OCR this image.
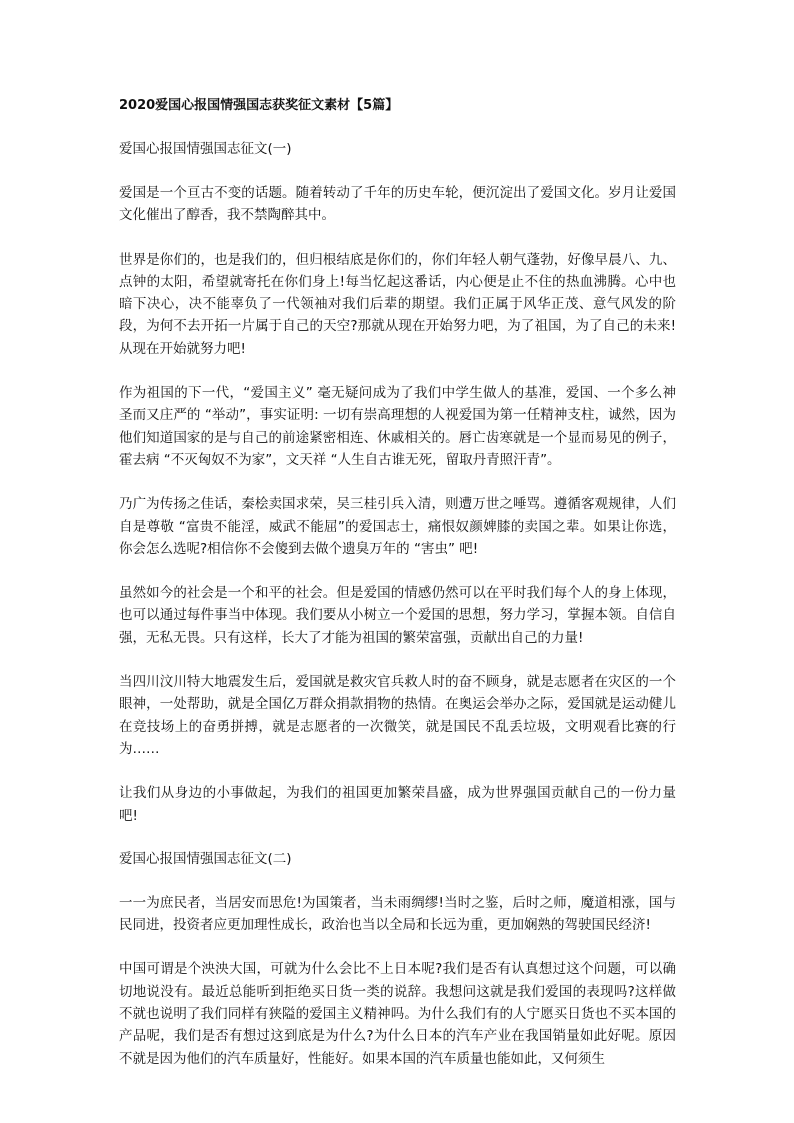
2020爱国心报国情强国志获奖征文素材【5篇】
爱国心报国情强国志征文(一)

爱国是一个亘古不变的话题。随着转动了千年的历史车轮，便沉淀出了爱国文化。岁月让爱国文化催出了醇香，我不禁陶醉其中。

世界是你们的，也是我们的，但归根结底是你们的，你们年轻人朝气蓬勃，好像早晨八、九、点钟的太阳，希望就寄托在你们身上!每当忆起这番话，内心便是止不住的热血沸腾。心中也暗下决心，决不能辜负了一代领袖对我们后辈的期望。我们正属于风华正茂、意气风发的阶段，为何不去开拓一片属于自己的天空?那就从现在开始努力吧，为了祖国，为了自己的未来!从现在开始就努力吧!

作为祖国的下一代，“爱国主义” 毫无疑问成为了我们中学生做人的基准，爱国、一个多么神圣而又庄严的 “举动”，事实证明: 一切有崇高理想的人视爱国为第一任精神支柱，诚然，因为他们知道国家的是与自己的前途紧密相连、休戚相关的。唇亡齿寒就是一个显而易见的例子，霍去病 “不灭匈奴不为家”，文天祥 “人生自古谁无死，留取丹青照汗青”。

乃广为传扬之佳话，秦桧卖国求荣，吴三桂引兵入清，则遭万世之唾骂。遵循客观规律，人们自是尊敬 “富贵不能淫，威武不能屈”的爱国志士，痛恨奴颜婢膝的卖国之辈。如果让你选，你会怎么选呢?相信你不会傻到去做个遗臭万年的 “害虫” 吧!

虽然如今的社会是一个和平的社会。但是爱国的情感仍然可以在平时我们每个人的身上体现，也可以通过每件事当中体现。我们要从小树立一个爱国的思想，努力学习，掌握本领。自信自强，无私无畏。只有这样，长大了才能为祖国的繁荣富强，贡献出自己的力量!

当四川汶川特大地震发生后，爱国就是救灾官兵救人时的奋不顾身，就是志愿者在灾区的一个眼神，一处帮助，就是全国亿万群众捐款捐物的热情。在奥运会举办之际，爱国就是运动健儿在竞技场上的奋勇拼搏，就是志愿者的一次微笑，就是国民不乱丢垃圾，文明观看比赛的行为……

让我们从身边的小事做起，为我们的祖国更加繁荣昌盛，成为世界强国贡献自己的一份力量吧!

爱国心报国情强国志征文(二)

一一为庶民者，当居安而思危!为国策者，当未雨绸缪!当时之鉴，后时之师，魔道相涨，国与民同进，投资者应更加理性成长，政治也当以全局和长远为重，更加娴熟的驾驶国民经济!

中国可谓是个泱泱大国，可就为什么会比不上日本呢?我们是否有认真想过这个问题，可以确切地说没有。最近总能听到拒绝买日货一类的说辞。我想问这就是我们爱国的表现吗?这样做不就也说明了我们同样有狭隘的爱国主义精神吗。为什么我们有的人宁愿买日货也不买本国的产品呢，我们是否有想过这到底是为什么?为什么日本的汽车产业在我国销量如此好呢。原因不就是因为他们的汽车质量好，性能好。如果本国的汽车质量也能如此，又何须生
